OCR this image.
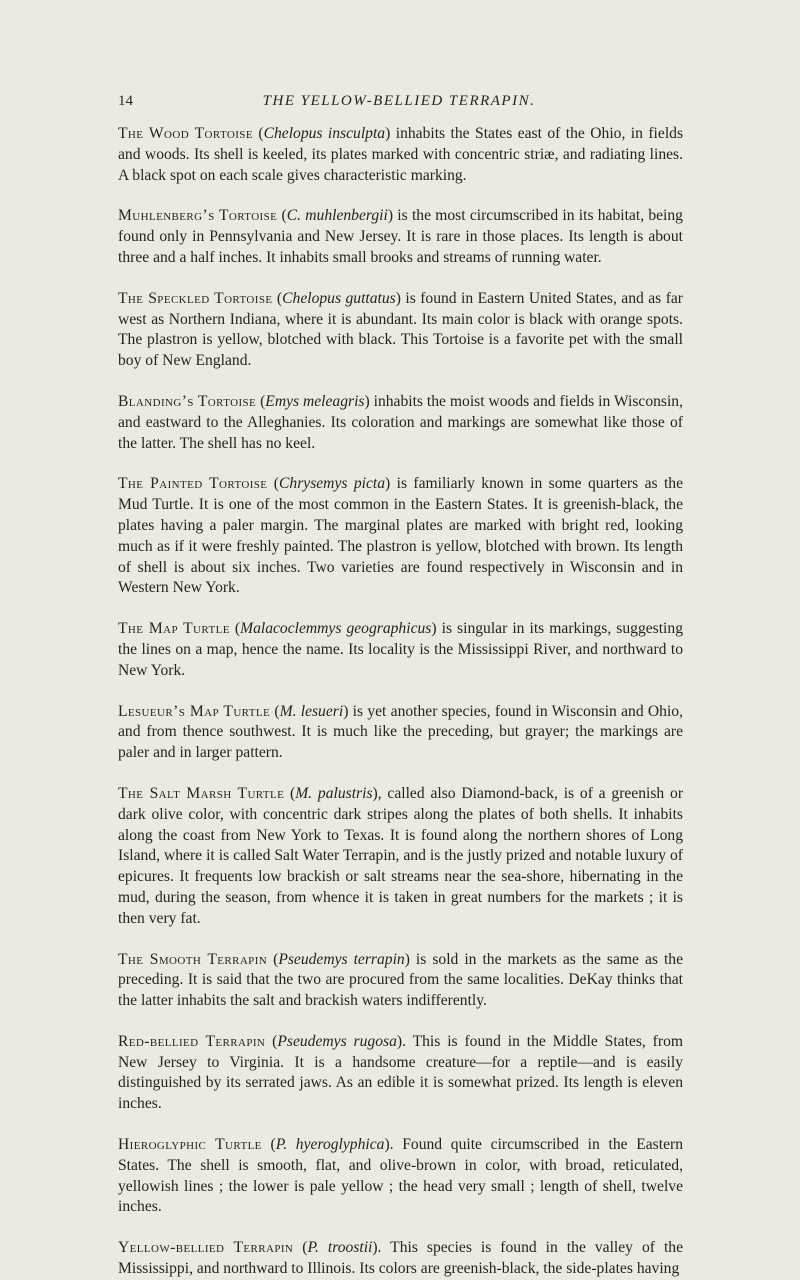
14	THE YELLOW-BELLIED TERRAPIN.

The Wood Tortoise (Chelopus insculpta) inhabits the States east of the Ohio, in fields and woods. Its shell is keeled, its plates marked with concentric striæ, and radiating lines. A black spot on each scale gives characteristic marking.

Muhlenberg’s Tortoise (C. muhlenbergii) is the most circumscribed in its habitat, being found only in Pennsylvania and New Jersey. It is rare in those places. Its length is about three and a half inches. It inhabits small brooks and streams of running water.

The Speckled Tortoise (Chelopus guttatus) is found in Eastern United States, and as far west as Northern Indiana, where it is abundant. Its main color is black with orange spots. The plastron is yellow, blotched with black. This Tortoise is a favorite pet with the small boy of New England.

Blanding’s Tortoise (Emys meleagris) inhabits the moist woods and fields in Wisconsin, and eastward to the Alleghanies. Its coloration and markings are somewhat like those of the latter. The shell has no keel.

The Painted Tortoise (Chrysemys picta) is familiarly known in some quarters as the Mud Turtle. It is one of the most common in the Eastern States. It is greenish-black, the plates having a paler margin. The marginal plates are marked with bright red, looking much as if it were freshly painted. The plastron is yellow, blotched with brown. Its length of shell is about six inches. Two varieties are found respectively in Wisconsin and in Western New York.

The Map Turtle (Malacoclemmys geographicus) is singular in its markings, suggesting the lines on a map, hence the name. Its locality is the Mississippi River, and northward to New York.

Lesueur’s Map Turtle (M. lesueri) is yet another species, found in Wisconsin and Ohio, and from thence southwest. It is much like the preceding, but grayer; the markings are paler and in larger pattern.

The Salt Marsh Turtle (M. palustris), called also Diamond-back, is of a greenish or dark olive color, with concentric dark stripes along the plates of both shells. It inhabits along the coast from New York to Texas. It is found along the northern shores of Long Island, where it is called Salt Water Terrapin, and is the justly prized and notable luxury of epicures. It frequents low brackish or salt streams near the sea-shore, hibernating in the mud, during the season, from whence it is taken in great numbers for the markets ; it is then very fat.

The Smooth Terrapin (Pseudemys terrapin) is sold in the markets as the same as the preceding. It is said that the two are procured from the same localities. DeKay thinks that the latter inhabits the salt and brackish waters indifferently.

Red-bellied Terrapin (Pseudemys rugosa). This is found in the Middle States, from New Jersey to Virginia. It is a handsome creature—for a reptile—and is easily distinguished by its serrated jaws. As an edible it is somewhat prized. Its length is eleven inches.

Hieroglyphic Turtle (P. hyeroglyphica). Found quite circumscribed in the Eastern States. The shell is smooth, flat, and olive-brown in color, with broad, reticulated, yellowish lines ; the lower is pale yellow ; the head very small ; length of shell, twelve inches.

Yellow-bellied Terrapin (P. troostii). This species is found in the valley of the Mississippi, and northward to Illinois. Its colors are greenish-black, the side-plates having
